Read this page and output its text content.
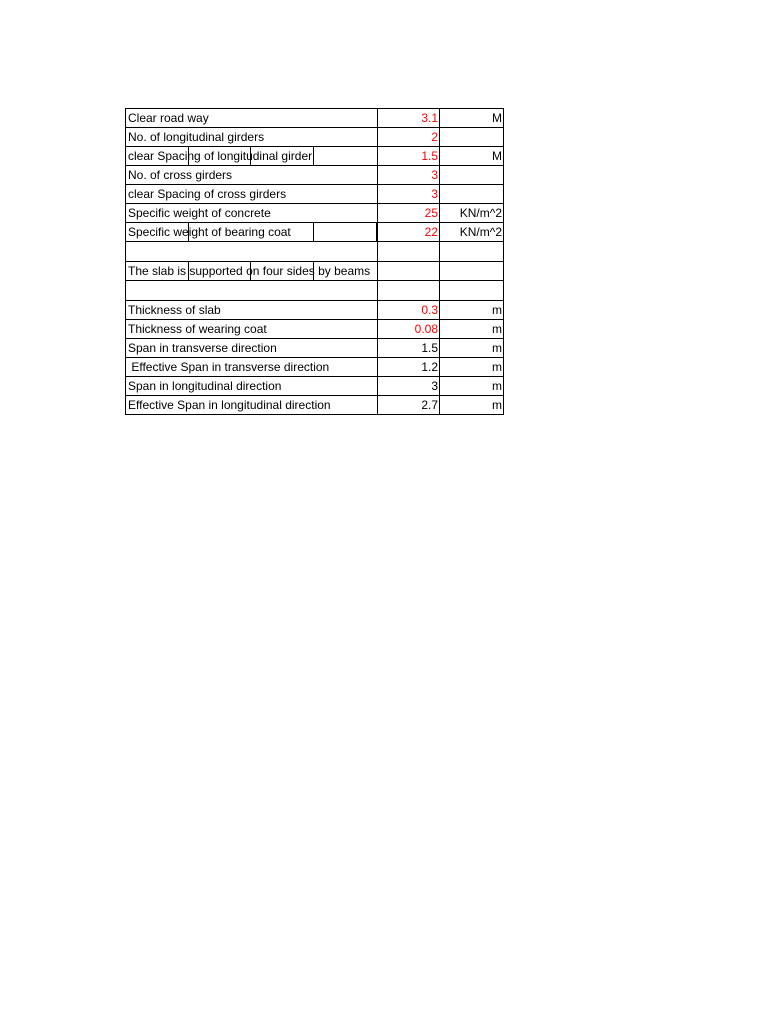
Clear road way	3.1	M
No. of longitudinal girders	2	
clear Spacing of longitudinal girder	1.5	M
No. of cross girders	3	
clear Spacing of cross girders	3	
Specific weight of concrete	25	KN/m^2
Specific weight of bearing coat	22	KN/m^2

The slab is supported on four sides by beams

Thickness of slab	0.3	m
Thickness of wearing coat	0.08	m
Span in transverse direction	1.5	m
Effective Span in transverse direction	1.2	m
Span in longitudinal direction	3	m
Effective Span in longitudinal direction	2.7	m
